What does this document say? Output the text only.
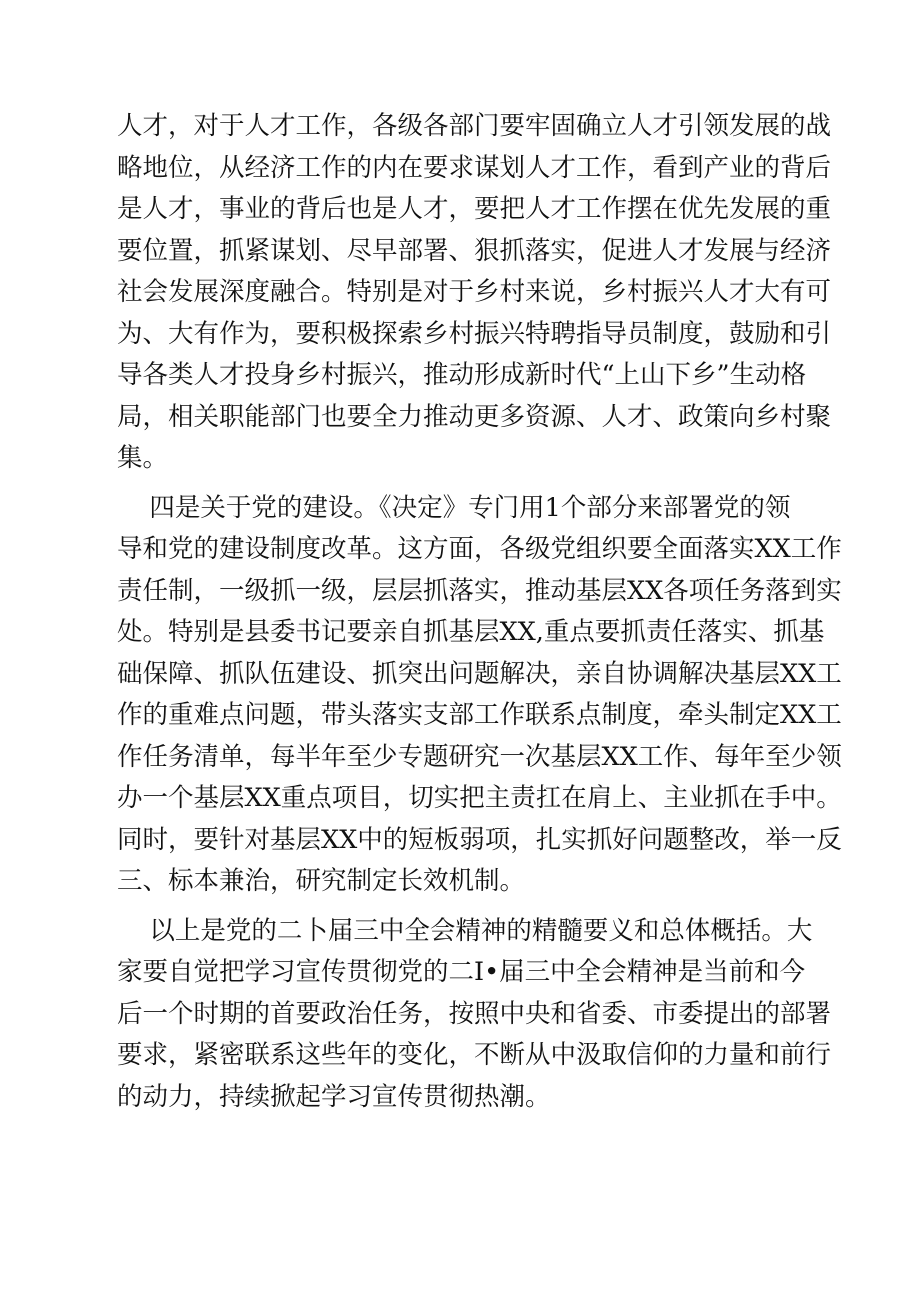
人才，对于人才工作，各级各部门要牢固确立人才引领发展的战
略地位，从经济工作的内在要求谋划人才工作，看到产业的背后
是人才，事业的背后也是人才，要把人才工作摆在优先发展的重
要位置，抓紧谋划、尽早部署、狠抓落实，促进人才发展与经济
社会发展深度融合。特别是对于乡村来说，乡村振兴人才大有可
为、大有作为，要积极探索乡村振兴特聘指导员制度，鼓励和引
导各类人才投身乡村振兴，推动形成新时代“上山下乡”生动格
局，相关职能部门也要全力推动更多资源、人才、政策向乡村聚
集。
四是关于党的建设。《决定》专门用1个部分来部署党的领
导和党的建设制度改革。这方面，各级党组织要全面落实XX工作
责任制，一级抓一级，层层抓落实，推动基层XX各项任务落到实
处。特别是县委书记要亲自抓基层XX,重点要抓责任落实、抓基
础保障、抓队伍建设、抓突出问题解决，亲自协调解决基层XX工
作的重难点问题，带头落实支部工作联系点制度，牵头制定XX工
作任务清单，每半年至少专题研究一次基层XX工作、每年至少领
办一个基层XX重点项目，切实把主责扛在肩上、主业抓在手中。
同时，要针对基层XX中的短板弱项，扎实抓好问题整改，举一反
三、标本兼治，研究制定长效机制。
以上是党的二卜届三中全会精神的精髓要义和总体概括。大
家要自觉把学习宣传贯彻党的二I•届三中全会精神是当前和今
后一个时期的首要政治任务，按照中央和省委、市委提出的部署
要求，紧密联系这些年的变化，不断从中汲取信仰的力量和前行
的动力，持续掀起学习宣传贯彻热潮。
